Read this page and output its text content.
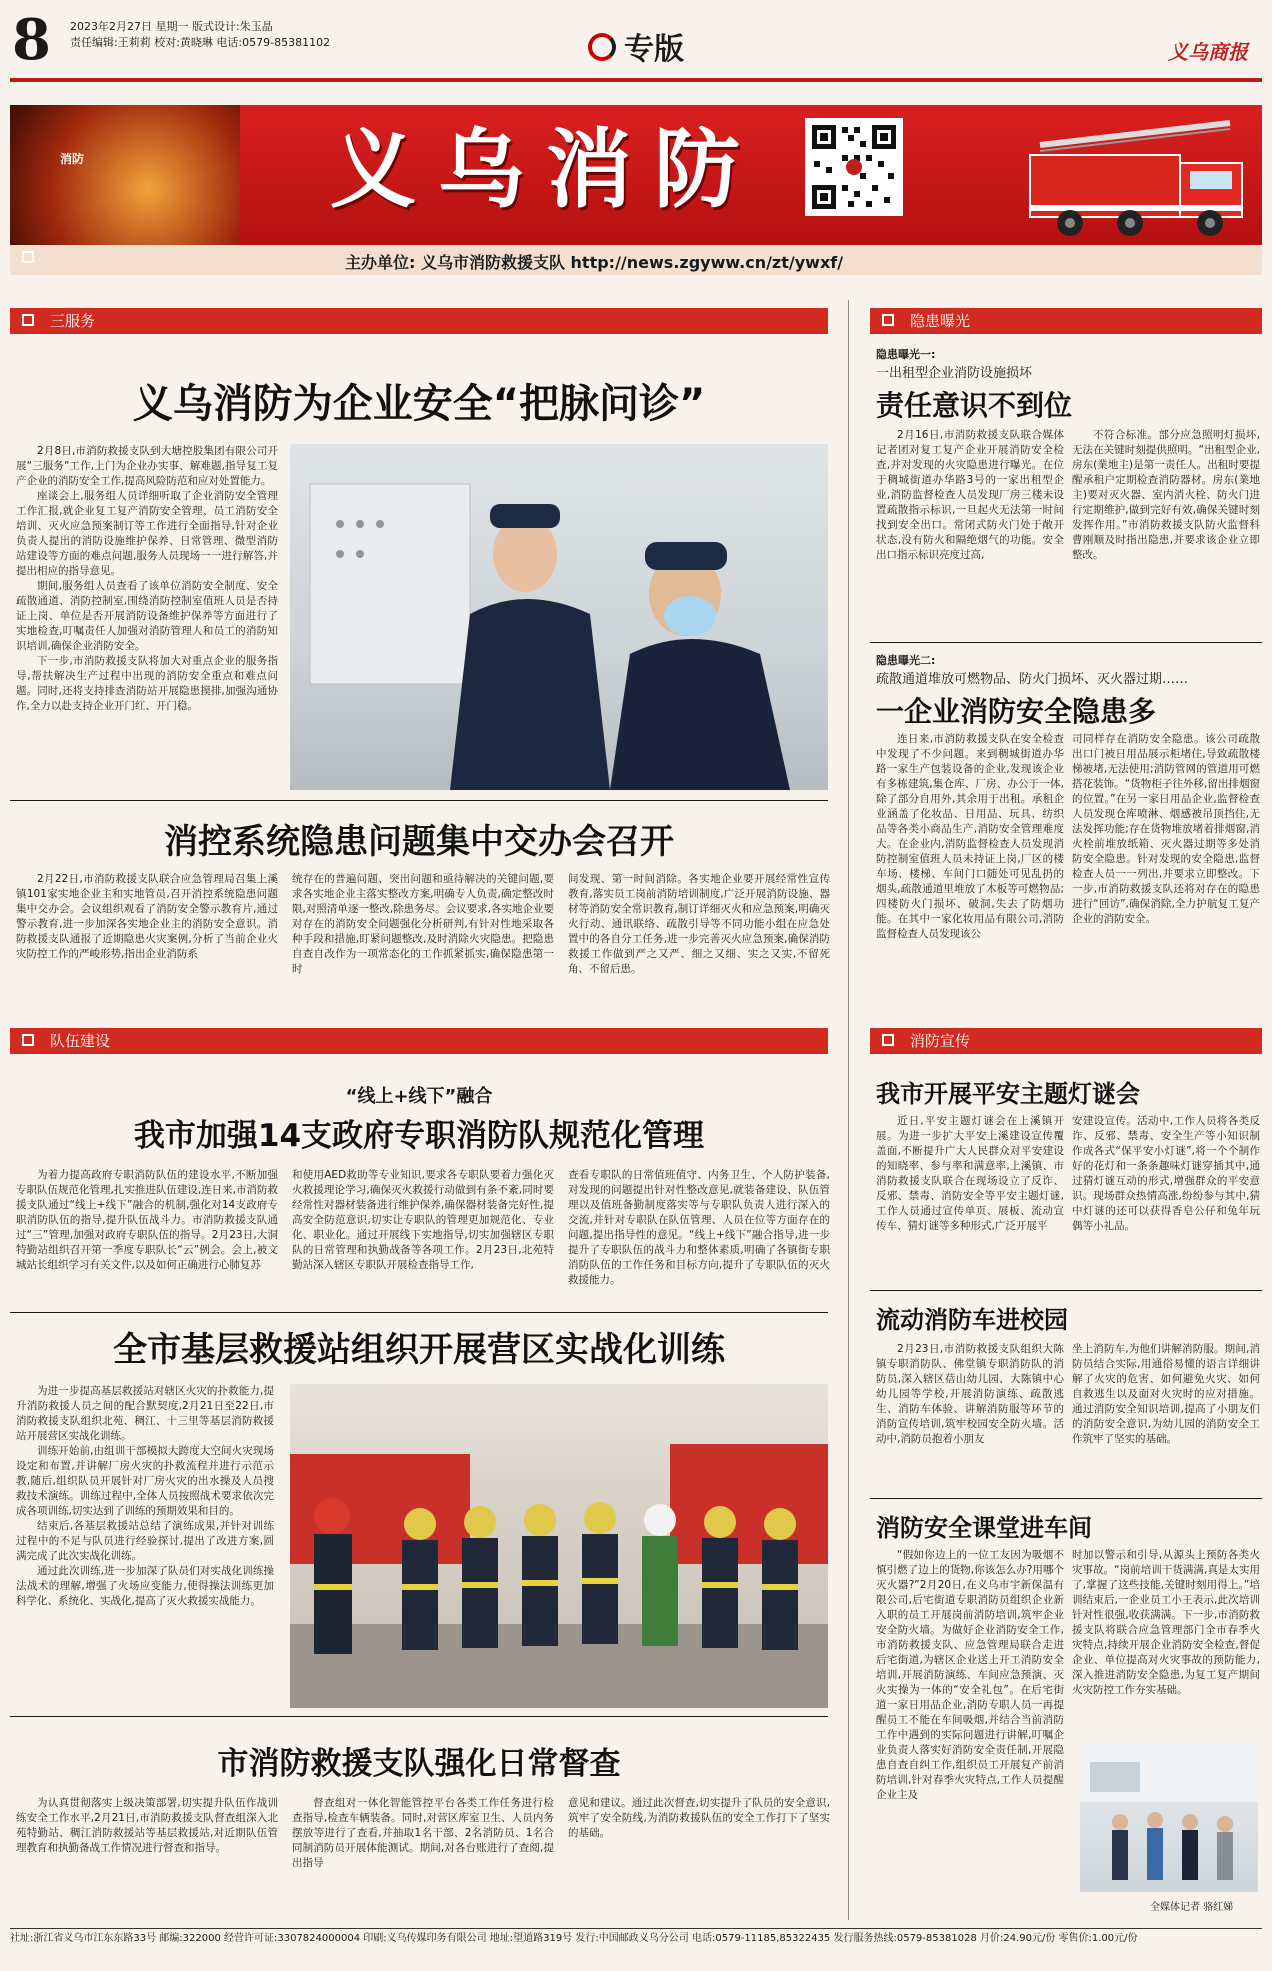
8 2023年2月27日 星期一 版式设计:朱玉晶
责任编辑:王莉莉 校对:黄晓琳 电话:0579-85381102	专版	义乌商报
消防	义乌消防
主办单位: 义乌市消防救援支队 http://news.zgyww.cn/zt/ywxf/
三服务	隐患曝光
队伍建设	消防宣传
义乌消防为企业安全“把脉问诊”

2月8日,市消防救援支队到大塘控股集团有限公司开展“三服务”工作,上门为企业办实事、解难题,指导复工复产企业的消防安全工作,提高风险防范和应对处置能力。

座谈会上,服务组人员详细听取了企业消防安全管理工作汇报,就企业复工复产消防安全管理、员工消防安全培训、灭火应急预案制订等工作进行全面指导,针对企业负责人提出的消防设施维护保养、日常管理、微型消防站建设等方面的难点问题,服务人员现场一一进行解答,并提出相应的指导意见。

期间,服务组人员查看了该单位消防安全制度、安全疏散通道、消防控制室,围绕消防控制室值班人员是否持证上岗、单位是否开展消防设备维护保养等方面进行了实地检查,叮嘱责任人加强对消防管理人和员工的消防知识培训,确保企业消防安全。

下一步,市消防救援支队将加大对重点企业的服务指导,帮扶解决生产过程中出现的消防安全重点和难点问题。同时,还将支持排查消防站开展隐患摸排,加强沟通协作,全力以赴支持企业开门红、开门稳。

消控系统隐患问题集中交办会召开
2月22日,市消防救援支队联合应急管理局召集上溪镇101家实地企业主和实地管员,召开消控系统隐患问题集中交办会。会议组织观看了消防安全警示教育片,通过警示教育,进一步加深各实地企业主的消防安全意识。消防救援支队通报了近期隐患火灾案例,分析了当前企业火灾防控工作的严峻形势,指出企业消防系
统存在的普遍问题、突出问题和亟待解决的关键问题,要求各实地企业主落实整改方案,明确专人负责,确定整改时限,对照清单逐一整改,除患务尽。会议要求,各实地企业要对存在的消防安全问题强化分析研判,有针对性地采取各种手段和措施,盯紧问题整改,及时消除火灾隐患。把隐患自查自改作为一项常态化的工作抓紧抓实,确保隐患第一时
间发现、第一时间消除。各实地企业要开展经常性宣传教育,落实员工岗前消防培训制度,广泛开展消防设施、器材等消防安全常识教育,制订详细灭火和应急预案,明确灭火行动、通讯联络、疏散引导等不同功能小组在应急处置中的各自分工任务,进一步完善灭火应急预案,确保消防救援工作做到严之又严、细之又细、实之又实,不留死角、不留后患。
“线上+线下”融合
我市加强14支政府专职消防队规范化管理
为着力提高政府专职消防队伍的建设水平,不断加强专职队伍规范化管理,扎实推进队伍建设,连日来,市消防救援支队通过“线上+线下”融合的机制,强化对14支政府专职消防队伍的指导,提升队伍战斗力。市消防救援支队通过“三”管理,加强对政府专职队伍的指导。2月23日,大洞特勤站组织召开第一季度专职队长“云”例会。会上,被文城站长组织学习有关文件,以及如何正确进行心肺复苏
和使用AED救助等专业知识,要求各专职队要着力强化灭火救援理论学习,确保灭火救援行动做到有条不紊,同时要经常性对器材装备进行维护保养,确保器材装备完好性,提高安全防范意识,切实让专职队的管理更加规范化、专业化、职业化。通过开展线下实地指导,切实加强辖区专职队的日常管理和执勤战备等各项工作。2月23日,北苑特勤站深入辖区专职队开展检查指导工作,
查看专职队的日常值班值守、内务卫生、个人防护装备,对发现的问题提出针对性整改意见,就装备建设、队伍管理以及值班备勤制度落实等与专职队负责人进行深入的交流,并针对专职队在队伍管理、人员在位等方面存在的问题,提出指导性的意见。“线上+线下”融合指导,进一步提升了专职队伍的战斗力和整体素质,明确了各镇街专职消防队伍的工作任务和目标方向,提升了专职队伍的灭火救援能力。
全市基层救援站组织开展营区实战化训练

为进一步提高基层救援站对辖区火灾的扑救能力,提升消防救援人员之间的配合默契度,2月21日至22日,市消防救援支队组织北苑、稠江、十三里等基层消防救援站开展营区实战化训练。

训练开始前,由组训干部模拟大跨度大空间火灾现场设定和布置,并讲解厂房火灾的扑救流程并进行示范示教,随后,组织队员开展针对厂房火灾的出水操及人员搜救技术演练。训练过程中,全体人员按照战术要求依次完成各项训练,切实达到了训练的预期效果和目的。

结束后,各基层救援站总结了演练成果,并针对训练过程中的不足与队员进行经验探讨,提出了改进方案,圆满完成了此次实战化训练。

通过此次训练,进一步加深了队员们对实战化训练操法战术的理解,增强了火场应变能力,使得操法训练更加科学化、系统化、实战化,提高了灭火救援实战能力。

市消防救援支队强化日常督查
为认真贯彻落实上级决策部署,切实提升队伍作战训练安全工作水平,2月21日,市消防救援支队督查组深入北苑特勤站、稠江消防救援站等基层救援站,对近期队伍管理教育和执勤备战工作情况进行督查和指导。
督查组对一体化智能管控平台各类工作任务进行检查指导,检查车辆装备。同时,对营区库室卫生、人员内务摆放等进行了查看,并抽取1名干部、2名消防员、1名合同制消防员开展体能测试。期间,对各台账进行了查阅,提出指导
意见和建议。通过此次督查,切实提升了队员的安全意识,筑牢了安全防线,为消防救援队伍的安全工作打下了坚实的基础。
隐患曝光一:
一出租型企业消防设施损坏
责任意识不到位
2月16日,市消防救援支队联合媒体记者团对复工复产企业开展消防安全检查,并对发现的火灾隐患进行曝光。在位于稠城街道办华路3号的一家出租型企业,消防监督检查人员发现厂房三楼未设置疏散指示标识,一旦起火无法第一时间找到安全出口。常闭式防火门处于敞开状态,没有防火和隔绝烟气的功能。安全出口指示标识亮度过高,
不符合标准。部分应急照明灯损坏,无法在关键时刻提供照明。“出租型企业,房东(業地主)是第一责任人。出租时要提醒承租户定期检查消防器材。房东(業地主)要对灭火器、室内消火栓、防火门进行定期维护,做到完好有效,确保关键时刻发挥作用。”市消防救援支队防火监督科曹刚顺及时指出隐患,并要求该企业立即整改。
隐患曝光二:
疏散通道堆放可燃物品、防火门损坏、灭火器过期……
一企业消防安全隐患多
连日来,市消防救援支队在安全检查中发现了不少问题。来到稠城街道办华路一家生产包装设备的企业,发现该企业有多栋建筑,集仓库、厂房、办公于一体,除了部分自用外,其余用于出租。承租企业涵盖了化妆品、日用品、玩具、纺织品等各类小商品生产,消防安全管理难度大。在企业内,消防监督检查人员发现消防控制室值班人员未持证上岗,厂区的楼车场、楼梯、车间门口随处可见乱扔的烟头,疏散通道里堆放了木板等可燃物品;四楼防火门损坏、破洞,失去了防烟功能。在其中一家化妆用品有限公司,消防监督检查人员发现该公
司同样存在消防安全隐患。该公司疏散出口门被日用品展示柜堵住,导致疏散楼梯被堵,无法使用;消防管网的管道用可燃搭花装饰。“货物柜子往外移,留出排烟窗的位置。”在另一家日用品企业,监督检查人员发现仓库喷淋、烟感被吊顶挡住,无法发挥功能;存在货物堆放堵着排烟窗,消火栓前堆放纸箱、灭火器过期等多处消防安全隐患。针对发现的安全隐患,监督检查人员一一列出,并要求立即整改。下一步,市消防救援支队还将对存在的隐患进行“回访”,确保消除,全力护航复工复产企业的消防安全。
我市开展平安主题灯谜会
近日,平安主题灯谜会在上溪镇开展。为进一步扩大平安上溪建设宣传覆盖面,不断提升广大人民群众对平安建设的知晓率、参与率和满意率,上溪镇、市消防救援支队联合在现场设立了反诈、反邪、禁毒、消防安全等平安主题灯谜,工作人员通过宣传单页、展板、流动宣传车、猜灯谜等多种形式,广泛开展平
安建设宣传。活动中,工作人员将各类反诈、反邪、禁毒、安全生产等小知识制作成各式“保平安小灯谜”,将一个个制作好的花灯和一条条趣味灯谜穿插其中,通过猜灯谜互动的形式,增强群众的平安意识。现场群众热情高涨,纷纷参与其中,猜中灯谜的还可以获得香皂公仔和兔年玩偶等小礼品。
流动消防车进校园
2月23日,市消防救援支队组织大陈镇专职消防队、佛堂镇专职消防队的消防员,深入辖区蓓山幼儿园、大陈镇中心幼儿园等学校,开展消防演练、疏散逃生、消防车体验、讲解消防服等环节的消防宣传培训,筑牢校园安全防火墙。活动中,消防员抱着小朋友
坐上消防车,为他们讲解消防服。期间,消防员结合实际,用通俗易懂的语言详细讲解了火灾的危害、如何避免火灾、如何自救逃生以及面对火灾时的应对措施。通过消防安全知识培训,提高了小朋友们的消防安全意识,为幼儿园的消防安全工作筑牢了坚实的基础。
消防安全课堂进车间
“假如你边上的一位工友因为吸烟不慎引燃了边上的货物,你该怎么办?用哪个灭火器?”2月20日,在义乌市宇新保温有限公司,后宅街道专职消防员组织企业新入职的员工开展岗前消防培训,筑牢企业安全防火墙。为做好企业消防安全工作,市消防救援支队、应急管理局联合走进后宅街道,为辖区企业送上开工消防安全培训,开展消防演练、车间应急预演、灭火实操为一体的“安全礼包”。在后宅街道一家日用品企业,消防专职人员一再提醒员工不能在车间吸烟,并结合当前消防工作中遇到的实际问题进行讲解,叮嘱企业负责人落实好消防安全责任制,开展隐患自查自纠工作,组织员工开展复产前消防培训,针对春季火灾特点,工作人员提醒企业主及
时加以警示和引导,从源头上预防各类火灾事故。“岗前培训干货满满,真是太实用了,掌握了这些技能,关键时刻用得上。”培训结束后,一企业员工小王表示,此次培训针对性很强,收获满满。下一步,市消防救援支队将联合应急管理部门全市春季火灾特点,持续开展企业消防安全检查,督促企业、单位提高对火灾事故的预防能力,深入推进消防安全隐患,为复工复产期间火灾防控工作夯实基础。
全媒体记者 骆红娣
社址:浙江省义乌市江东东路33号 邮编:322000 经营许可证:3307824000004 印刷:义乌传媒印务有限公司 地址:望道路319号 发行:中国邮政义乌分公司 电话:0579-11185,85322435 发行服务热线:0579-85381028 月价:24.90元/份 零售价:1.00元/份
